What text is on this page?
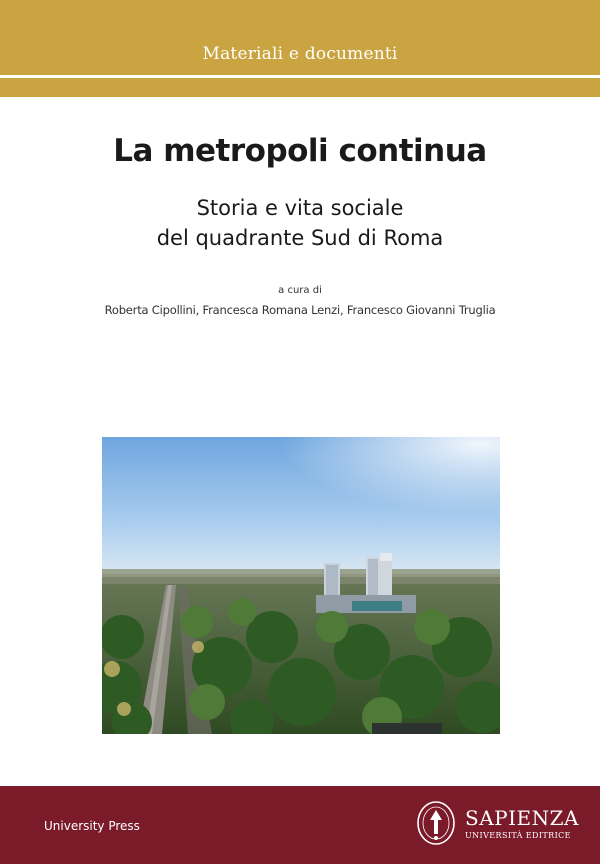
Materiali e documenti
La metropoli continua
Storia e vita sociale
del quadrante Sud di Roma
a cura di
Roberta Cipollini, Francesca Romana Lenzi, Francesco Giovanni Truglia
University Press	SAPIENZA
UNIVERSITÀ EDITRICE
